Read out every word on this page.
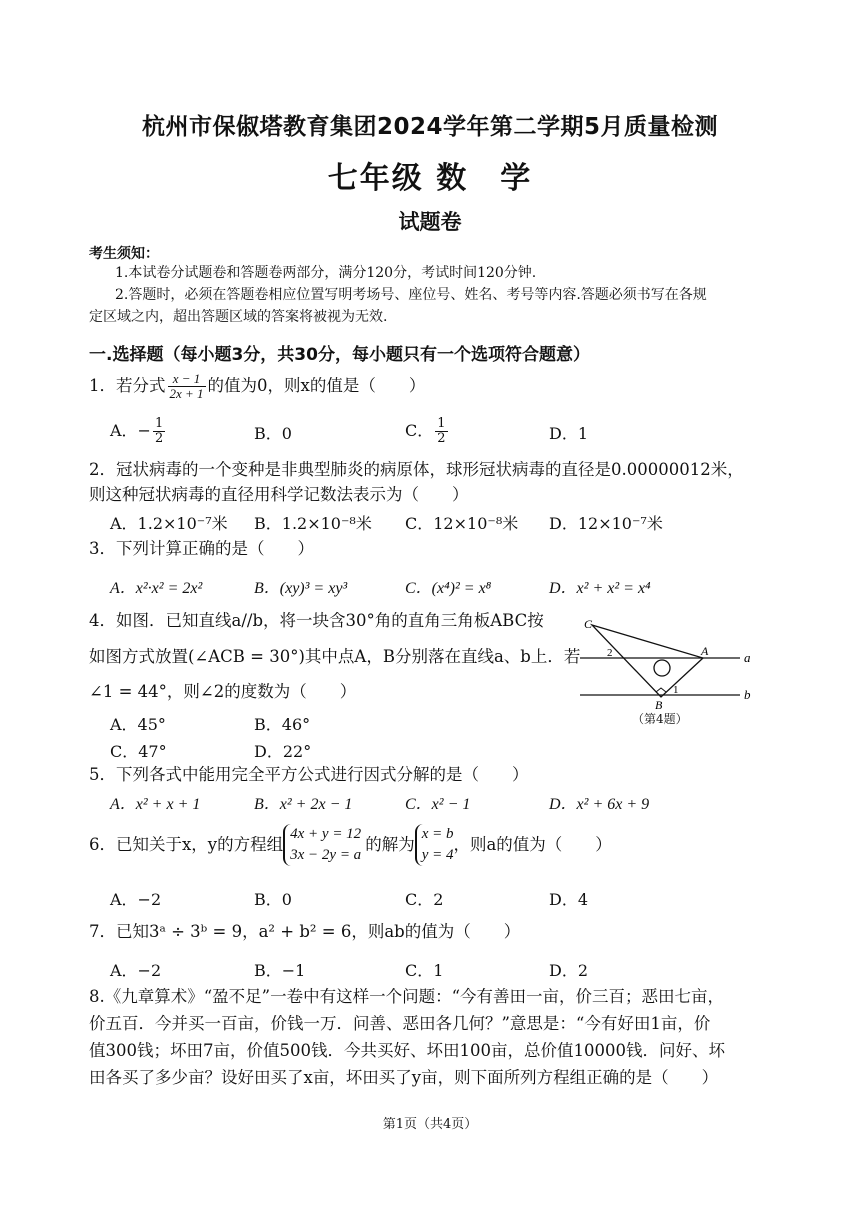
杭州市保俶塔教育集团2024学年第二学期5月质量检测
七年级 数　学
试题卷
考生须知：
1.本试卷分试题卷和答题卷两部分，满分120分，考试时间120分钟.
2.答题时，必须在答题卷相应位置写明考场号、座位号、姓名、考号等内容.答题必须书写在各规
定区域之内，超出答题区域的答案将被视为无效.
一.选择题（每小题3分，共30分，每小题只有一个选项符合题意）
1．若分式 $\frac{x - 1}{2x + 1}$ 的值为0，则x的值是（　　）
A．− $\frac{1}{2}$	B．0	C． $\frac{1}{2}$	D．1
2．冠状病毒的一个变种是非典型肺炎的病原体，球形冠状病毒的直径是0.00000012米，
则这种冠状病毒的直径用科学记数法表示为（　　）
A．1.2×10⁻⁷米 B．1.2×10⁻⁸米 C．12×10⁻⁸米 D．12×10⁻⁷米
3．下列计算正确的是（　　）
A．x²·x² = 2x²	B．(xy)³ = xy³	C．(x⁴)² = x⁸	D．x² + x² = x⁴
4．如图．已知直线a//b，将一块含30°角的直角三角板ABC按
如图方式放置(∠ACB = 30°)其中点A，B分别落在直线a、b上．若
∠1 = 44°，则∠2的度数为（　　）
A．45°	B．46°
C．47°	D．22°
C
A
B
a
b
1
2
（第4题）
5．下列各式中能用完全平方公式进行因式分解的是（　　）
A．x² + x + 1	B．x² + 2x − 1	C．x² − 1	D．x² + 6x + 9
6．已知关于x，y的方程组
4x + y = 12
3x − 2y = a
的解为
x = b
y = 4
，则a的值为（　　）
A．−2	B．0	C．2	D．4
7．已知3ᵃ ÷ 3ᵇ = 9，a² + b² = 6，则ab的值为（　　）
A．−2	B．−1	C．1	D．2
8.《九章算术》“盈不足”一卷中有这样一个问题：“今有善田一亩，价三百；恶田七亩，
价五百．今并买一百亩，价钱一万．问善、恶田各几何？”意思是：“今有好田1亩，价
值300钱；坏田7亩，价值500钱．今共买好、坏田100亩，总价值10000钱．问好、坏
田各买了多少亩？设好田买了x亩，坏田买了y亩，则下面所列方程组正确的是（　　）
第1页（共4页）
